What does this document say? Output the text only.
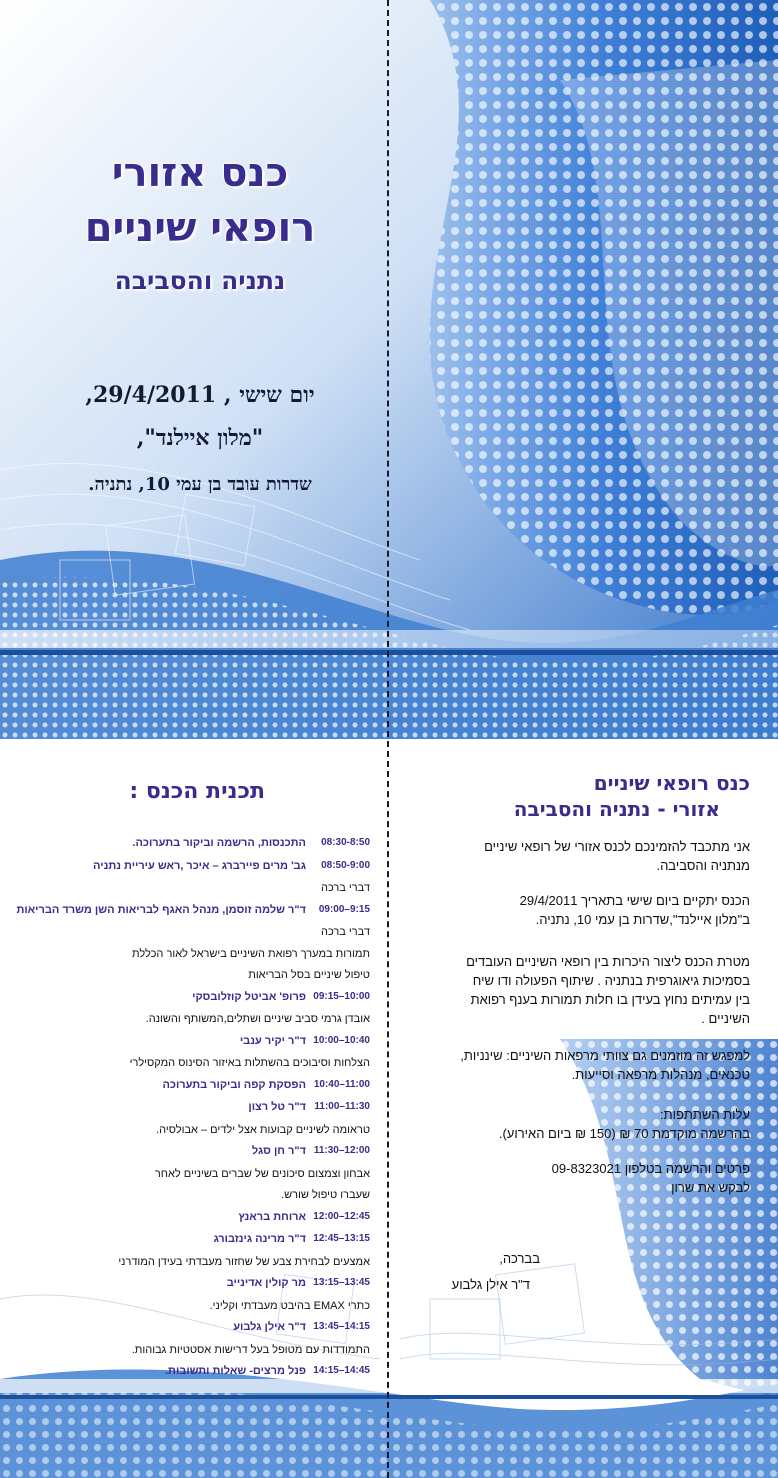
כנס אזורי
רופאי שיניים
נתניה והסביבה
יום שישי , 29/4/2011,
"מלון איילנד",
שדרות עובד בן עמי 10, נתניה.
תכנית הכנס :	כנס רופאי שיניים
אזורי - נתניה והסביבה
אני מתכבד להזמינכם לכנס אזורי של רופאי שיניים
מנתניה והסביבה.
הכנס יתקיים ביום שישי בתאריך 29/4/2011
ב"מלון איילנד",שדרות בן עמי 10, נתניה.
מטרת הכנס ליצור היכרות בין רופאי השיניים העובדים
בסמיכות גיאוגרפית בנתניה . שיתוף הפעולה ודו שיח
בין עמיתים נחוץ בעידן בו חלות תמורות בענף רפואת
השיניים .
למפגש זה מוזמנים גם צוותי מרפאות השיניים: שינניות,
טכנאים, מנהלות מרפאה וסייעות.
עלות השתתפות:
בהרשמה מוקדמת 70 ₪ (150 ₪ ביום האירוע).
פרטים והרשמה בטלפון 09-8323021
לבקש את שרון
בברכה,
ד"ר אילן גלבוע
08:30-8:50
התכנסות, הרשמה וביקור בתערוכה.
08:50-9:00
גב' מרים פיירברג – איכר ,ראש עיריית נתניה
דברי ברכה
09:00–9:15
ד"ר שלמה זוסמן, מנהל האגף לבריאות השן משרד הבריאות
דברי ברכה
תמורות במערך רפואת השיניים בישראל לאור הכללת
טיפול שיניים בסל הבריאות
09:15–10:00
פרופ' אביטל קוזלובסקי
אובדן גרמי סביב שיניים ושתלים,המשותף והשונה.
10:00–10:40
ד"ר יקיר ענבי
הצלחות וסיבוכים בהשתלות באיזור הסינוס המקסילרי
10:40–11:00
הפסקת קפה וביקור בתערוכה
11:00–11:30
ד"ר טל רצון
טראומה לשיניים קבועות אצל ילדים – אבולסיה.
11:30–12:00
ד"ר חן סגל
אבחון וצמצום סיכונים של שברים בשיניים לאחר
שעברו טיפול שורש.
12:00–12:45
ארוחת בראנץ
12:45–13:15
ד"ר מרינה גינזבורג
אמצעים לבחירת צבע של שחזור מעבדתי בעידן המודרני
13:15–13:45
מר קולין אדינייב
כתרי EMAX בהיבט מעבדתי וקליני.
13:45–14:15
ד"ר אילן גלבוע
התמודדות עם מטופל בעל דרישות אסטטיות גבוהות.
14:15–14:45
פנל מרצים- שאלות ותשובות.
